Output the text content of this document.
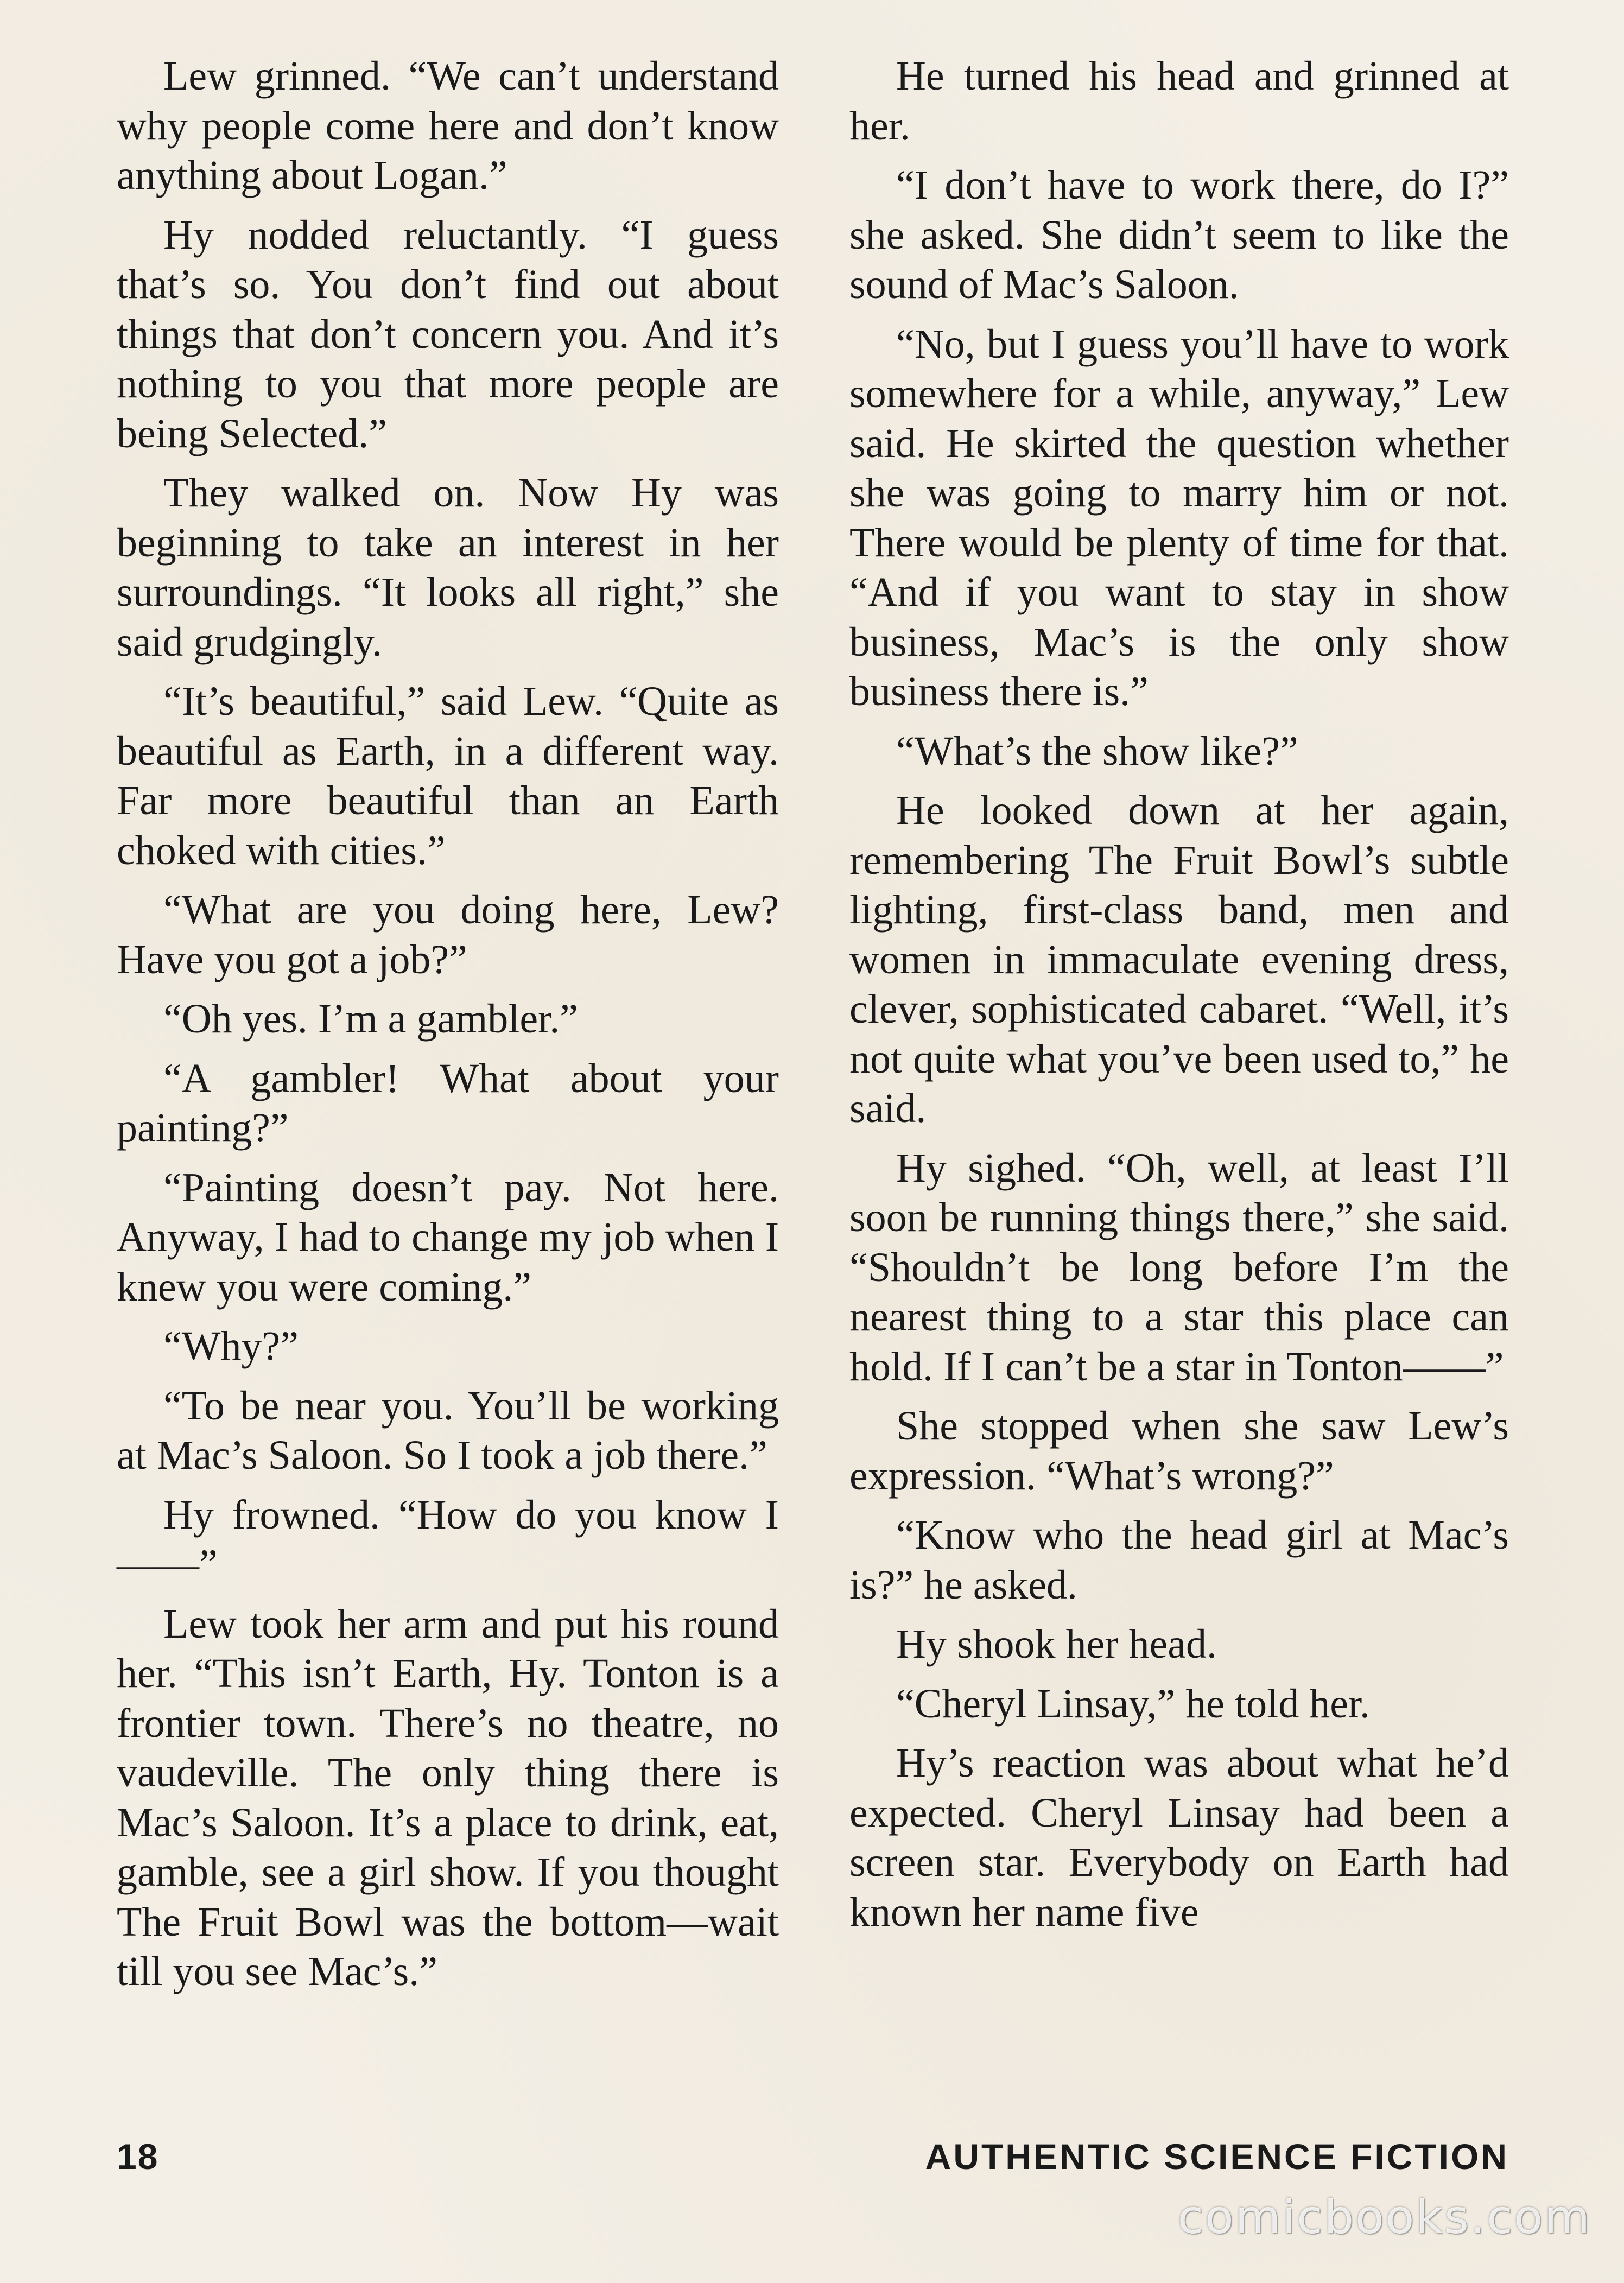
Lew grinned. “We can’t understand why people come here and don’t know anything about Logan.”

Hy nodded reluctantly. “I guess that’s so. You don’t find out about things that don’t concern you. And it’s nothing to you that more people are being Selected.”

They walked on. Now Hy was beginning to take an interest in her surroundings. “It looks all right,” she said grudgingly.

“It’s beautiful,” said Lew. “Quite as beautiful as Earth, in a different way. Far more beautiful than an Earth choked with cities.”

“What are you doing here, Lew? Have you got a job?”

“Oh yes. I’m a gambler.”

“A gambler! What about your painting?”

“Painting doesn’t pay. Not here. Anyway, I had to change my job when I knew you were coming.”

“Why?”

“To be near you. You’ll be working at Mac’s Saloon. So I took a job there.”

Hy frowned. “How do you know I——”

Lew took her arm and put his round her. “This isn’t Earth, Hy. Tonton is a frontier town. There’s no theatre, no vaudeville. The only thing there is Mac’s Saloon. It’s a place to drink, eat, gamble, see a girl show. If you thought The Fruit Bowl was the bottom—wait till you see Mac’s.”

He turned his head and grinned at her.

“I don’t have to work there, do I?” she asked. She didn’t seem to like the sound of Mac’s Saloon.

“No, but I guess you’ll have to work somewhere for a while, anyway,” Lew said. He skirted the question whether she was going to marry him or not. There would be plenty of time for that. “And if you want to stay in show business, Mac’s is the only show business there is.”

“What’s the show like?”

He looked down at her again, remembering The Fruit Bowl’s subtle lighting, first-class band, men and women in immaculate evening dress, clever, sophisticated cabaret. “Well, it’s not quite what you’ve been used to,” he said.

Hy sighed. “Oh, well, at least I’ll soon be running things there,” she said. “Shouldn’t be long before I’m the nearest thing to a star this place can hold. If I can’t be a star in Tonton——”

She stopped when she saw Lew’s expression. “What’s wrong?”

“Know who the head girl at Mac’s is?” he asked.

Hy shook her head.

“Cheryl Linsay,” he told her.

Hy’s reaction was about what he’d expected. Cheryl Linsay had been a screen star. Everybody on Earth had known her name five

18	AUTHENTIC SCIENCE FICTION
comicbooks.com
